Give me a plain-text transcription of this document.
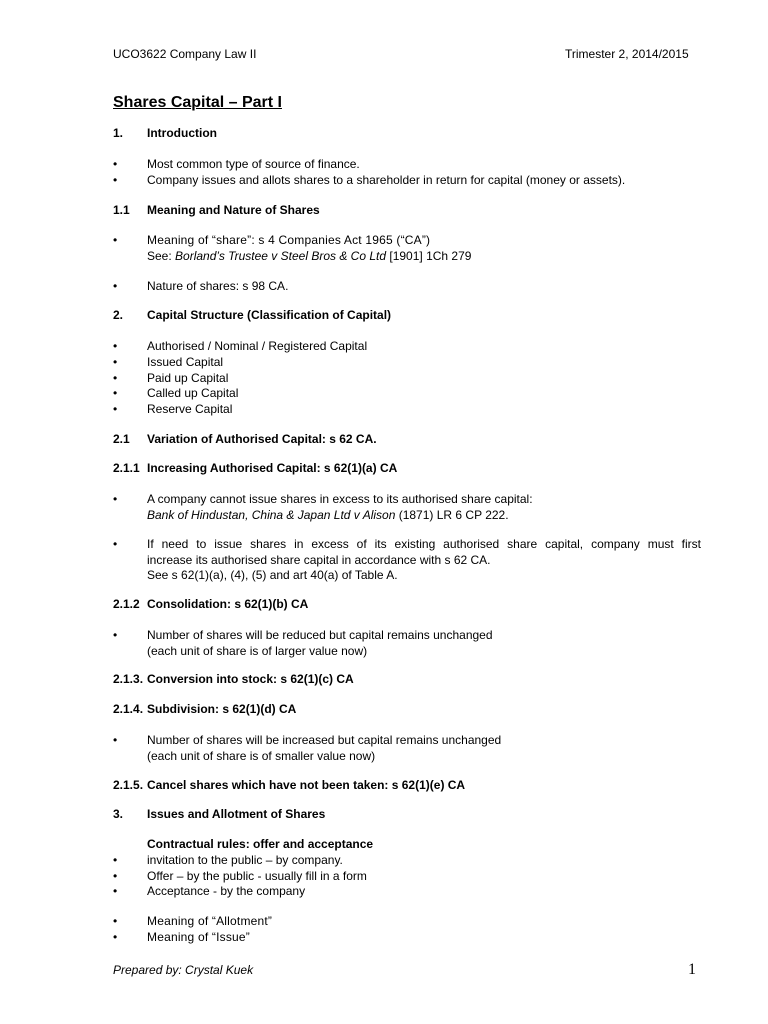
UCO3622 Company Law II	Trimester 2, 2014/2015
Shares Capital – Part I
1. Introduction
•	Most common type of source of finance.
•	Company issues and allots shares to a shareholder in return for capital (money or assets).
1.1 Meaning and Nature of Shares
•	Meaning of “share”: s 4 Companies Act 1965 (“CA”)
See: Borland’s Trustee v Steel Bros & Co Ltd [1901] 1Ch 279
•	Nature of shares: s 98 CA.
2. Capital Structure (Classification of Capital)
•	Authorised / Nominal / Registered Capital
•	Issued Capital
•	Paid up Capital
•	Called up Capital
•	Reserve Capital
2.1 Variation of Authorised Capital: s 62 CA.
2.1.1 Increasing Authorised Capital: s 62(1)(a) CA
•	A company cannot issue shares in excess to its authorised share capital:
Bank of Hindustan, China & Japan Ltd v Alison (1871) LR 6 CP 222.
•	If need to issue shares in excess of its existing authorised share capital, company must first
increase its authorised share capital in accordance with s 62 CA.
See s 62(1)(a), (4), (5) and art 40(a) of Table A.
2.1.2 Consolidation: s 62(1)(b) CA
•	Number of shares will be reduced but capital remains unchanged
(each unit of share is of larger value now)
2.1.3. Conversion into stock: s 62(1)(c) CA
2.1.4. Subdivision: s 62(1)(d) CA
•	Number of shares will be increased but capital remains unchanged
(each unit of share is of smaller value now)
2.1.5. Cancel shares which have not been taken: s 62(1)(e) CA
3. Issues and Allotment of Shares
Contractual rules: offer and acceptance
•	invitation to the public – by company.
•	Offer – by the public - usually fill in a form
•	Acceptance - by the company
•	Meaning of “Allotment”
•	Meaning of “Issue”
Prepared by: Crystal Kuek	1
